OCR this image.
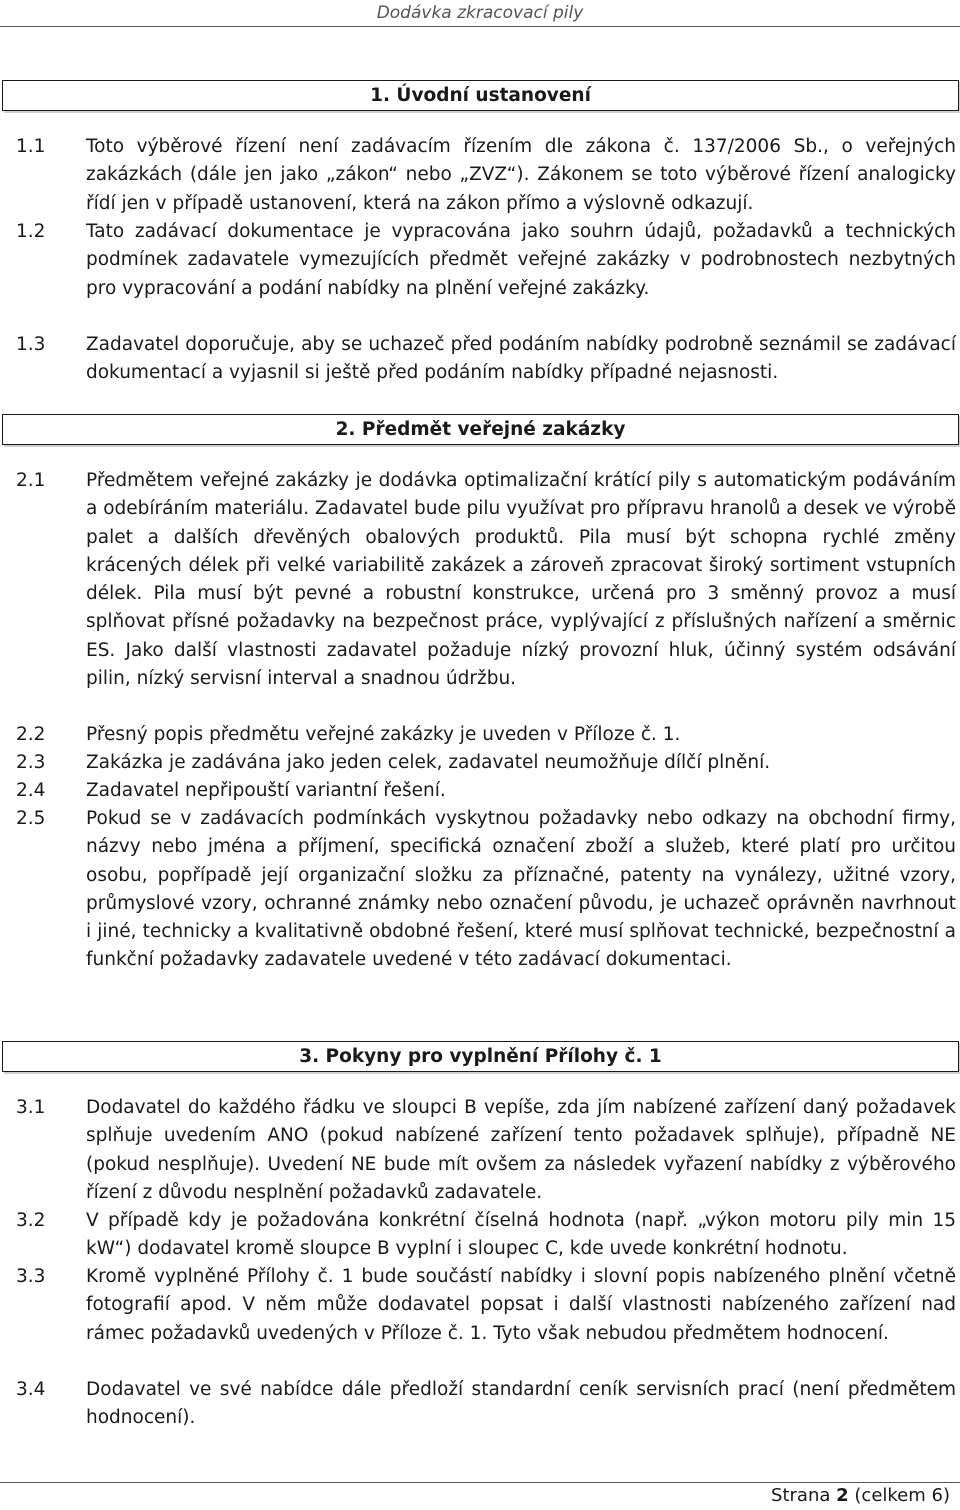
Dodávka zkracovací pily
1. Úvodní ustanovení
1.1	Toto výběrové řízení není zadávacím řízením dle zákona č. 137/2006 Sb., o veřejných zakázkách (dále jen jako „zákon“ nebo „ZVZ“). Zákonem se toto výběrové řízení analogicky řídí jen v případě ustanovení, která na zákon přímo a výslovně odkazují.
1.2	Tato zadávací dokumentace je vypracována jako souhrn údajů, požadavků a technických podmínek zadavatele vymezujících předmět veřejné zakázky v podrobnostech nezbytných pro vypracování a podání nabídky na plnění veřejné zakázky.
1.3	Zadavatel doporučuje, aby se uchazeč před podáním nabídky podrobně seznámil se zadávací dokumentací a vyjasnil si ještě před podáním nabídky případné nejasnosti.
2. Předmět veřejné zakázky
2.1	Předmětem veřejné zakázky je dodávka optimalizační krátící pily s automatickým podáváním a odebíráním materiálu. Zadavatel bude pilu využívat pro přípravu hranolů a desek ve výrobě palet a dalších dřevěných obalových produktů. Pila musí být schopna rychlé změny krácených délek při velké variabilitě zakázek a zároveň zpracovat široký sortiment vstupních délek. Pila musí být pevné a robustní konstrukce, určená pro 3 směnný provoz a musí splňovat přísné požadavky na bezpečnost práce, vyplývající z příslušných nařízení a směrnic ES. Jako další vlastnosti zadavatel požaduje nízký provozní hluk, účinný systém odsávání pilin, nízký servisní interval a snadnou údržbu.
2.2	Přesný popis předmětu veřejné zakázky je uveden v Příloze č. 1.
2.3	Zakázka je zadávána jako jeden celek, zadavatel neumožňuje dílčí plnění.
2.4	Zadavatel nepřipouští variantní řešení.
2.5	Pokud se v zadávacích podmínkách vyskytnou požadavky nebo odkazy na obchodní firmy, názvy nebo jména a příjmení, specifická označení zboží a služeb, které platí pro určitou osobu, popřípadě její organizační složku za příznačné, patenty na vynálezy, užitné vzory, průmyslové vzory, ochranné známky nebo označení původu, je uchazeč oprávněn navrhnout i jiné, technicky a kvalitativně obdobné řešení, které musí splňovat technické, bezpečnostní a funkční požadavky zadavatele uvedené v této zadávací dokumentaci.
3. Pokyny pro vyplnění Přílohy č. 1
3.1	Dodavatel do každého řádku ve sloupci B vepíše, zda jím nabízené zařízení daný požadavek splňuje uvedením ANO (pokud nabízené zařízení tento požadavek splňuje), případně NE (pokud nesplňuje). Uvedení NE bude mít ovšem za následek vyřazení nabídky z výběrového řízení z důvodu nesplnění požadavků zadavatele.
3.2	V případě kdy je požadována konkrétní číselná hodnota (např. „výkon motoru pily min 15 kW“) dodavatel kromě sloupce B vyplní i sloupec C, kde uvede konkrétní hodnotu.
3.3	Kromě vyplněné Přílohy č. 1 bude součástí nabídky i slovní popis nabízeného plnění včetně fotografií apod. V něm může dodavatel popsat i další vlastnosti nabízeného zařízení nad rámec požadavků uvedených v Příloze č. 1. Tyto však nebudou předmětem hodnocení.
3.4	Dodavatel ve své nabídce dále předloží standardní ceník servisních prací (není předmětem hodnocení).
Strana 2 (celkem 6)
